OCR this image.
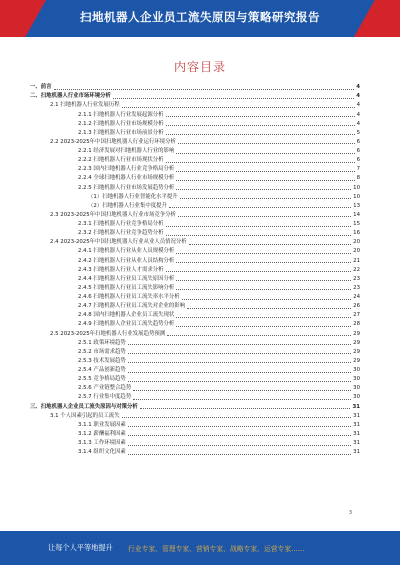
扫地机器人企业员工流失原因与策略研究报告
内容目录
一、前言	4
二、扫地机器人行业市场环境分析	4
2.1 扫地机器人行业发展历程	4
2.1.1 扫地机器人行业发展起源分析	4
2.1.2 扫地机器人行业市场规模分析	4
2.1.3 扫地机器人行业市场前景分析	5
2.2 2023-2025年中国扫地机器人行业运行环境分析	6
2.2.1 经济发展对扫地机器人行业的影响	6
2.2.2 扫地机器人行业市场现状分析	6
2.2.3 国内扫地机器人行业竞争格局分析	7
2.2.4 全球扫地机器人行业市场规模分析	8
2.2.5 扫地机器人行业市场发展趋势分析	10
（1）扫地机器人行业智能化水平提升	10
（2）扫地机器人行业集中度提升	13
2.3 2023-2025年中国扫地机器人行业市场竞争分析	14
2.3.1 扫地机器人行业竞争格局分析	15
2.3.2 扫地机器人行业竞争趋势分析	16
2.4 2023-2025年中国扫地机器人行业从业人员情况分析	20
2.4.1 扫地机器人行业从业人员规模分析	20
2.4.2 扫地机器人行业从业人员结构分析	21
2.4.3 扫地机器人行业人才需求分析	22
2.4.4 扫地机器人行业员工流失原因分析	23
2.4.5 扫地机器人行业员工流失影响分析	23
2.4.6 扫地机器人行业员工流失率水平分析	24
2.4.7 扫地机器人行业员工流失对企业的影响	26
2.4.8 国内扫地机器人企业员工流失现状	27
2.4.9 扫地机器人企业员工流失趋势分析	28
2.5 2023-2025年扫地机器人行业发展趋势预测	29
2.5.1 政策环境趋势	29
2.5.2 市场需求趋势	29
2.5.3 技术发展趋势	29
2.5.4 产品创新趋势	30
2.5.5 竞争格局趋势	30
2.5.6 产业链整合趋势	30
2.5.7 行业集中度趋势	30
三、扫地机器人企业员工流失原因与对策分析	31
3.1 个人因素引起的员工流失	31
3.1.1 职业发展因素	31
3.1.2 薪酬福利因素	31
3.1.3 工作环境因素	31
3.1.4 组织文化因素	31
3
让每个人平等地提升 行业专家、管理专家、营销专家、战略专家、运营专家……
